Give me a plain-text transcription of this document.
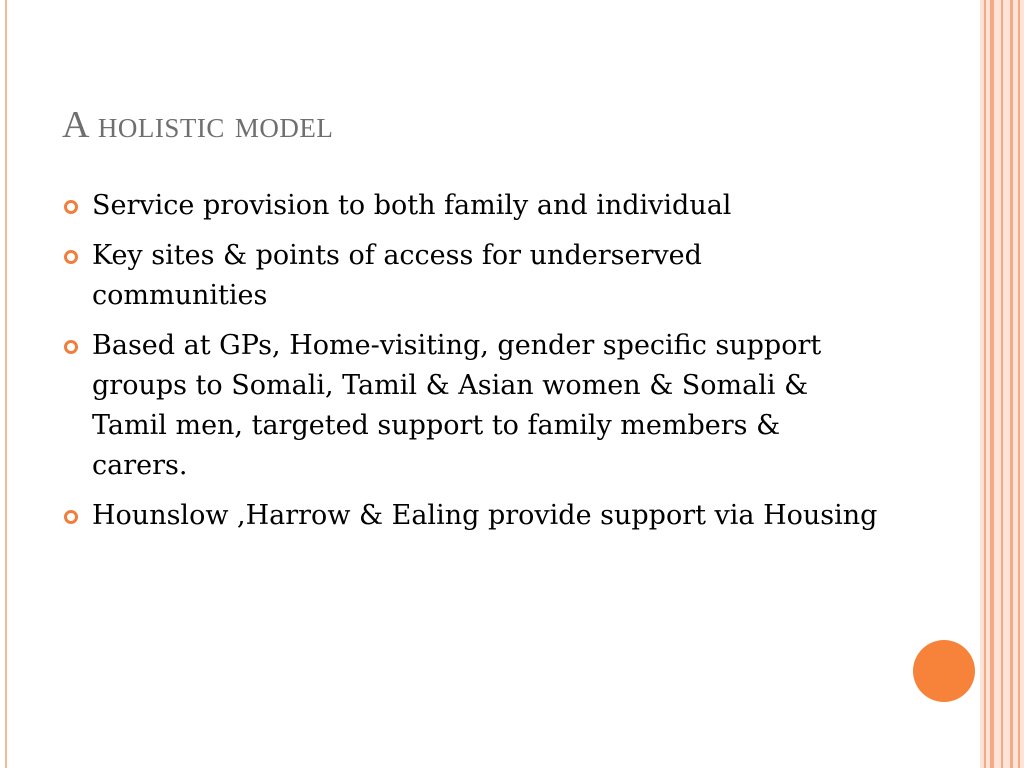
A holistic model
Service provision to both family and individual
Key sites & points of access for underserved communities
Based at GPs, Home-visiting, gender specific support groups to Somali, Tamil & Asian women & Somali & Tamil men, targeted support to family members & carers.
Hounslow ,Harrow & Ealing provide support via Housing
